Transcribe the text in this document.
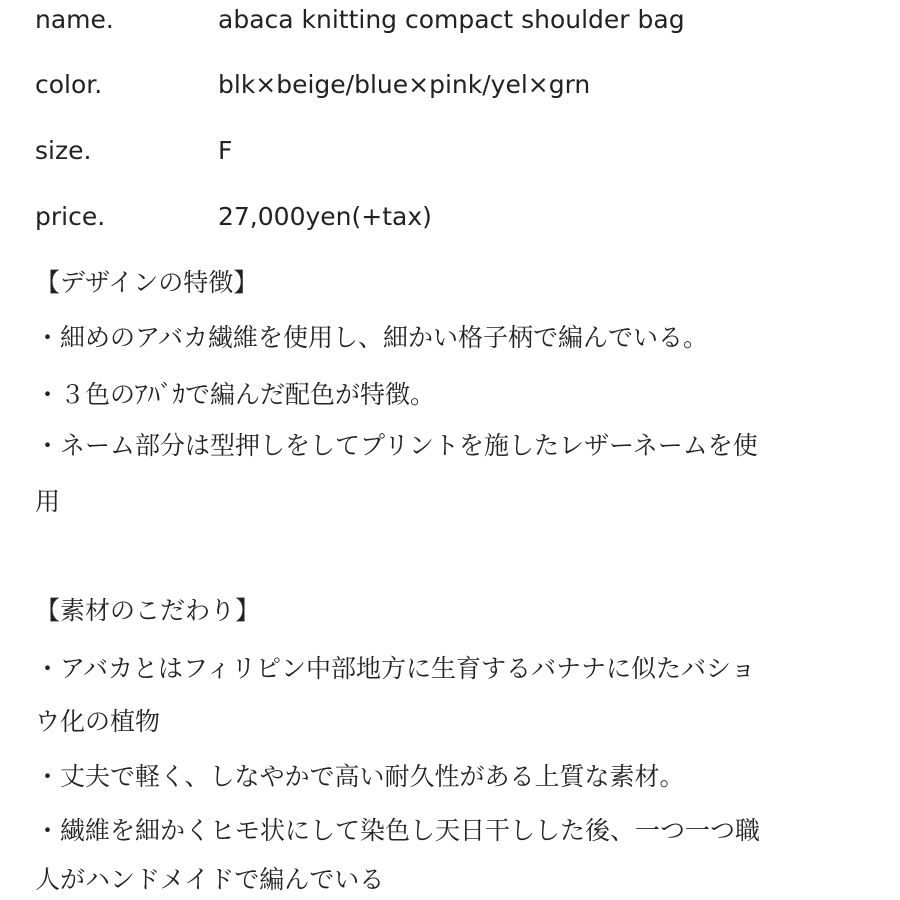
name.	abaca knitting compact shoulder bag
color.	blk×beige/blue×pink/yel×grn
size.	F
price.	27,000yen(+tax)
【デザインの特徴】
・細めのアバカ繊維を使用し、細かい格子柄で編んでいる。
・３色のｱﾊﾞｶで編んだ配色が特徴。
・ネーム部分は型押しをしてプリントを施したレザーネームを使
用
【素材のこだわり】
・アバカとはフィリピン中部地方に生育するバナナに似たバショ
ウ化の植物
・丈夫で軽く、しなやかで高い耐久性がある上質な素材。
・繊維を細かくヒモ状にして染色し天日干しした後、一つ一つ職
人がハンドメイドで編んでいる
